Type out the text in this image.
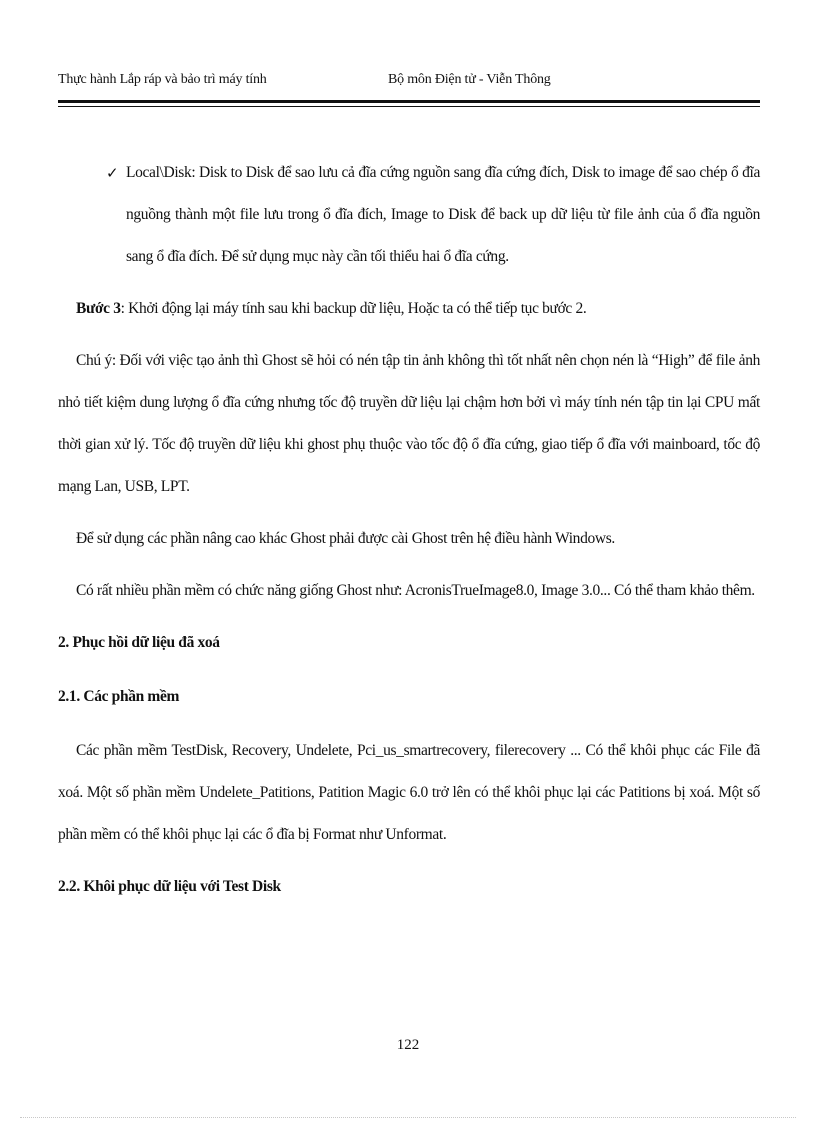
Thực hành Lắp ráp và bảo trì máy tính	Bộ môn Điện tử - Viễn Thông
✓ Local\Disk: Disk to Disk để sao lưu cả đĩa cứng nguồn sang đĩa cứng đích, Disk to image để sao chép ổ đĩa nguồng thành một file lưu trong ổ đĩa đích, Image to Disk để back up dữ liệu từ file ảnh của ổ đĩa nguồn sang ổ đĩa đích. Để sử dụng mục này cần tối thiểu hai ổ đĩa cứng.

Bước 3: Khởi động lại máy tính sau khi backup dữ liệu, Hoặc ta có thể tiếp tục bước 2.

Chú ý: Đối với việc tạo ảnh thì Ghost sẽ hỏi có nén tập tin ảnh không thì tốt nhất nên chọn nén là “High” để file ảnh nhỏ tiết kiệm dung lượng ổ đĩa cứng nhưng tốc độ truyền dữ liệu lại chậm hơn bởi vì máy tính nén tập tin lại CPU mất thời gian xử lý. Tốc độ truyền dữ liệu khi ghost phụ thuộc vào tốc độ ổ đĩa cứng, giao tiếp ổ đĩa với mainboard, tốc độ mạng Lan, USB, LPT.

Để sử dụng các phần nâng cao khác Ghost phải được cài Ghost trên hệ điều hành Windows.

Có rất nhiều phần mềm có chức năng giống Ghost như: AcronisTrueImage8.0, Image 3.0... Có thể tham khảo thêm.

2. Phục hồi dữ liệu đã xoá
2.1. Các phần mềm

Các phần mềm TestDisk, Recovery, Undelete, Pci_us_smartrecovery, filerecovery ... Có thể khôi phục các File đã xoá. Một số phần mềm Undelete_Patitions, Patition Magic 6.0 trở lên có thể khôi phục lại các Patitions bị xoá. Một số phần mềm có thể khôi phục lại các ổ đĩa bị Format như Unformat.

2.2. Khôi phục dữ liệu với Test Disk
122
